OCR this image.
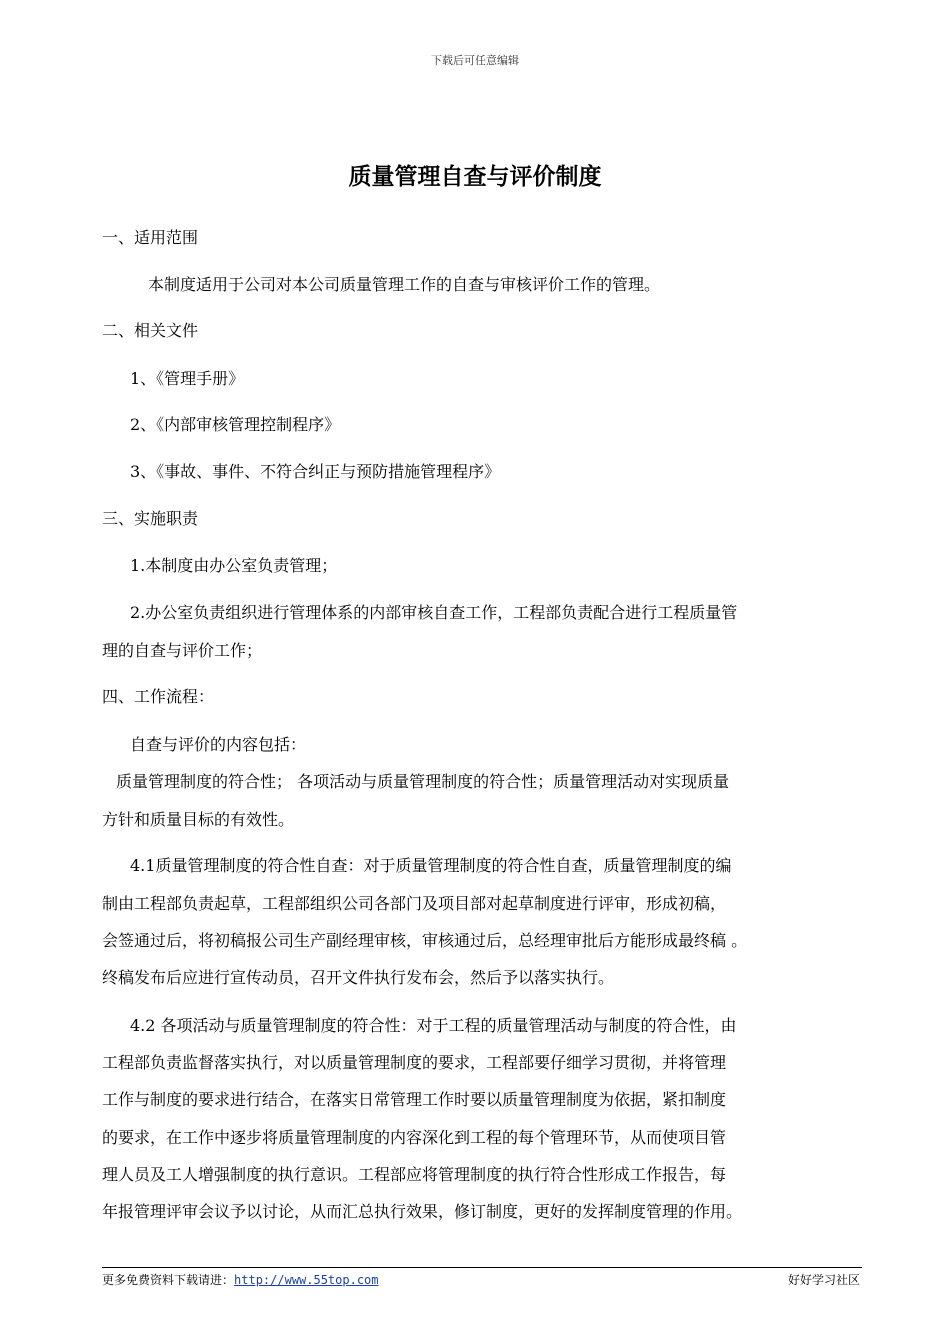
下载后可任意编辑
质量管理自查与评价制度
一、适用范围
本制度适用于公司对本公司质量管理工作的自查与审核评价工作的管理。
二、相关文件
1、《管理手册》
2、《内部审核管理控制程序》
3、《事故、事件、不符合纠正与预防措施管理程序》
三、实施职责
1.本制度由办公室负责管理；
2.办公室负责组织进行管理体系的内部审核自查工作，工程部负责配合进行工程质量管
理的自查与评价工作；
四、工作流程：
自查与评价的内容包括：
质量管理制度的符合性； 各项活动与质量管理制度的符合性；质量管理活动对实现质量
方针和质量目标的有效性。
4.1质量管理制度的符合性自查：对于质量管理制度的符合性自查，质量管理制度的编
制由工程部负责起草，工程部组织公司各部门及项目部对起草制度进行评审，形成初稿，
会签通过后，将初稿报公司生产副经理审核，审核通过后，总经理审批后方能形成最终稿 。
终稿发布后应进行宣传动员，召开文件执行发布会，然后予以落实执行。
4.2 各项活动与质量管理制度的符合性：对于工程的质量管理活动与制度的符合性，由
工程部负责监督落实执行，对以质量管理制度的要求，工程部要仔细学习贯彻，并将管理
工作与制度的要求进行结合，在落实日常管理工作时要以质量管理制度为依据，紧扣制度
的要求，在工作中逐步将质量管理制度的内容深化到工程的每个管理环节，从而使项目管
理人员及工人增强制度的执行意识。工程部应将管理制度的执行符合性形成工作报告，每
年报管理评审会议予以讨论，从而汇总执行效果，修订制度，更好的发挥制度管理的作用。
更多免费资料下载请进：http://www.55top.com	好好学习社区
